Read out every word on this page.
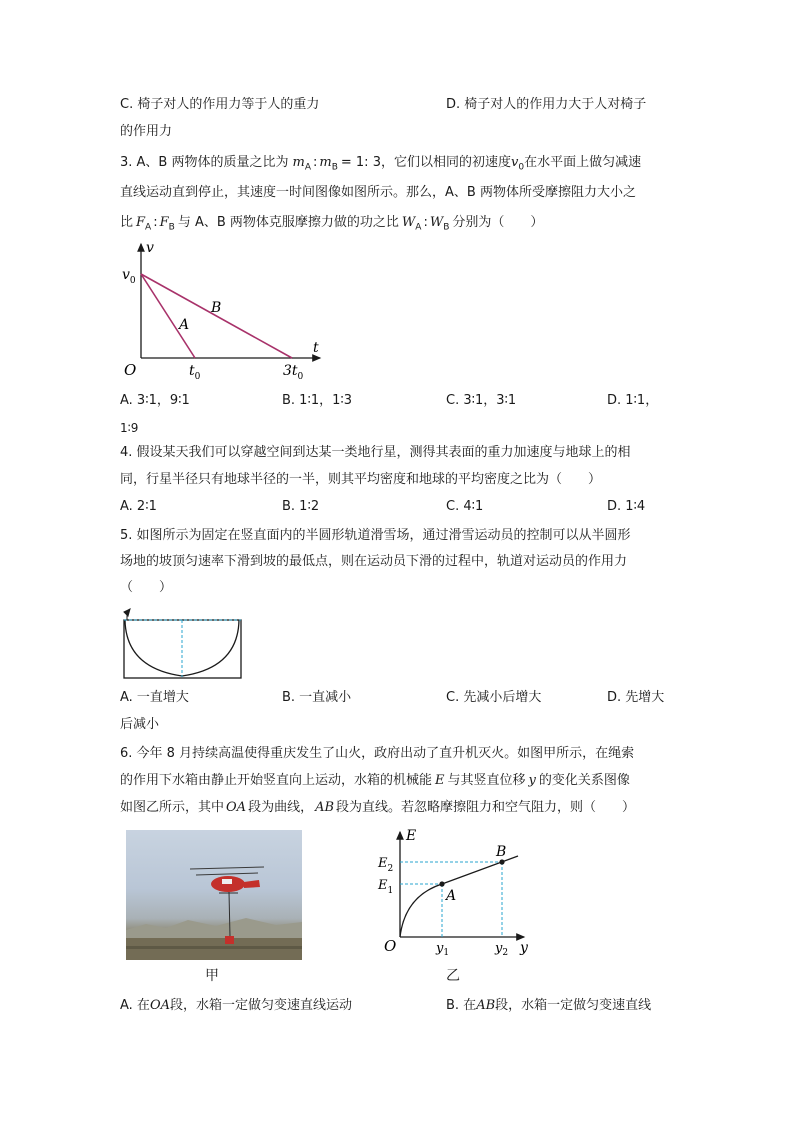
C. 椅子对人的作用力等于人的重力	D. 椅子对人的作用力大于人对椅子
的作用力
3. A、B 两物体的质量之比为 $m_A$ : $m_B = 1$: 3，它们以相同的初速度$v_0$在水平面上做匀减速
直线运动直到停止，其速度一时间图像如图所示。那么，A、B 两物体所受摩擦阻力大小之
比 $F_A$ : $F_B$ 与 A、B 两物体克服摩擦力做的功之比 $W_A$ : $W_B$ 分别为（　　）
v
$v_0$
t
O	$t_0$	$3t_0$
A
B
A. 3∶1，9∶1	B. 1∶1，1∶3	C. 3∶1，3∶1	D. 1∶1，
1∶9
4. 假设某天我们可以穿越空间到达某一类地行星，测得其表面的重力加速度与地球上的相
同，行星半径只有地球半径的一半，则其平均密度和地球的平均密度之比为（　　）
A. 2∶1	B. 1∶2	C. 4∶1	D. 1∶4
5. 如图所示为固定在竖直面内的半圆形轨道滑雪场，通过滑雪运动员的控制可以从半圆形
场地的坡顶匀速率下滑到坡的最低点，则在运动员下滑的过程中，轨道对运动员的作用力
（　　）
A. 一直增大	B. 一直减小	C. 先减小后增大	D. 先增大
后减小
6. 今年 8 月持续高温使得重庆发生了山火，政府出动了直升机灭火。如图甲所示，在绳索
的作用下水箱由静止开始竖直向上运动，水箱的机械能 E 与其竖直位移 y 的变化关系图像
如图乙所示，其中 OA 段为曲线， AB 段为直线。若忽略摩擦阻力和空气阻力，则（　　）
甲
E
$E_2$
$E_1$
O	y
$y_1$	$y_2$
A
B
乙
A. 在OA段，水箱一定做匀变速直线运动	B. 在AB段，水箱一定做匀变速直线
